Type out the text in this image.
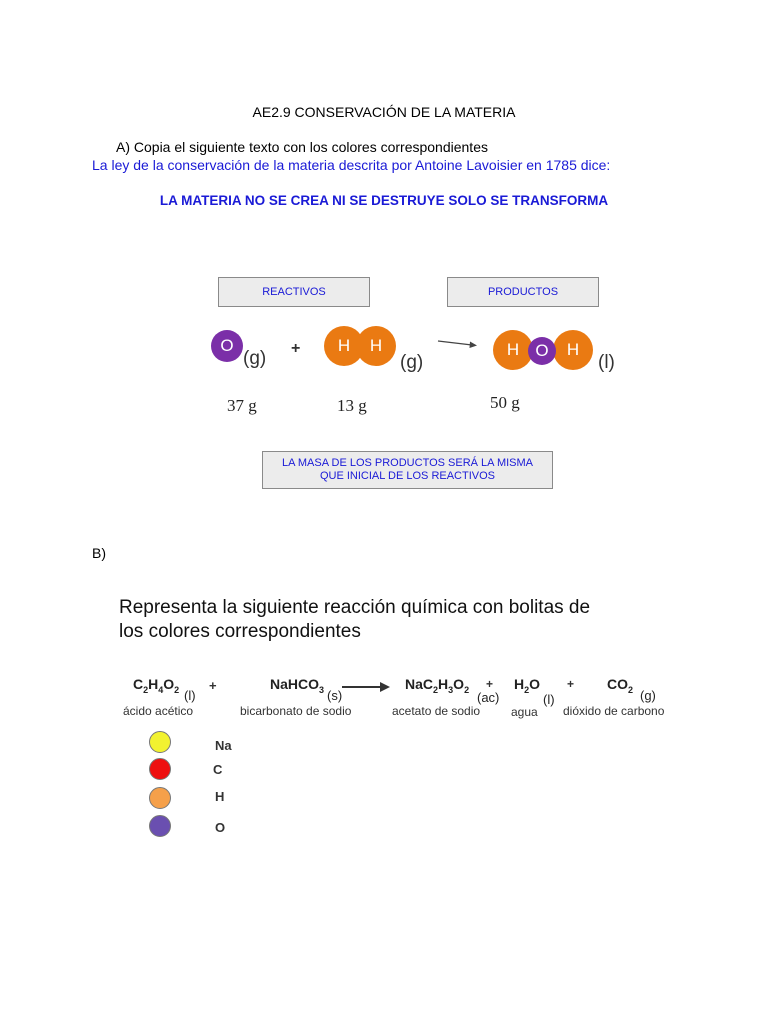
AE2.9 CONSERVACIÓN DE LA MATERIA
A) Copia el siguiente texto con los colores correspondientes
La ley de la conservación de la materia descrita por Antoine Lavoisier en 1785 dice:
LA MATERIA NO SE CREA NI SE DESTRUYE SOLO SE TRANSFORMA
REACTIVOS	PRODUCTOS
O
(g) + H H
(g)
H	H
O
(l)
37 g	13 g	50 g
LA MASA DE LOS PRODUCTOS SERÁ LA MISMA
QUE INICIAL DE LOS REACTIVOS
B)
Representa la siguiente reacción química con bolitas de
los colores correspondientes
$C_2H_4O_2$ (l)
ácido acético
+	NaHCO$_3$ (s)
bicarbonato de sodio
→ $NaC_2H_3O_2$
(ac)
acetato de sodio
+ $H_2O$
(l)
agua
+ $CO_2$ (g)
dióxido de carbono
Na
C
H
O
